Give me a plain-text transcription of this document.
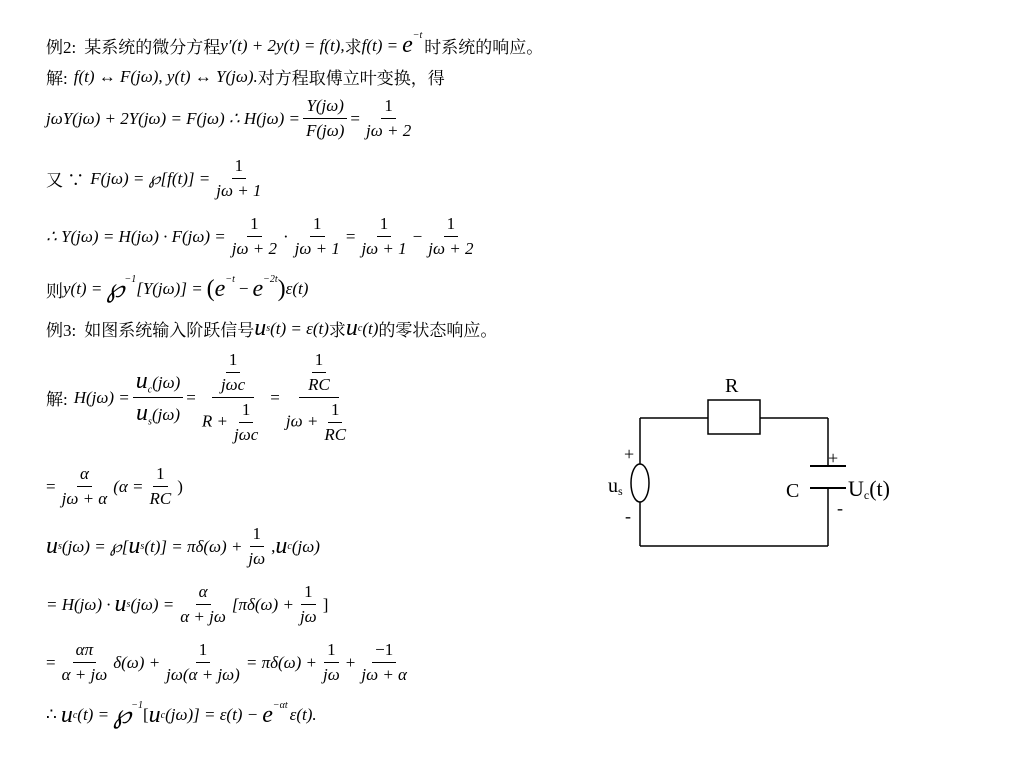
例2: 某系统的微分方程 y′(t) + 2y(t) = f(t), 求 f(t) = e −t
时系统的响应。
解: f(t) ↔ F(jω), y(t) ↔ Y(jω). 对方程取傅立叶变换，得
jωY(jω) + 2Y(jω) = F(jω) ∴ $H(j\omega) = \frac{Y(j\omega)}{F(j\omega)} = \frac{1}{j\omega + 2}$
又 ∵ F(jω) = ℘[f(t)] = $\frac{1}{j\omega + 1}$
∴ $Y(j\omega) = H(j\omega) \cdot F(j\omega) = \frac{1}{j\omega + 2} \cdot \frac{1}{j\omega + 1} = \frac{1}{j\omega + 1} - \frac{1}{j\omega + 2}$
则 y(t) = ℘ −1 [Y(jω)] = ( e −t − e −2t ) ε(t)
例3: 如图系统输入阶跃信号 u s (t) = ε(t) 求 u c (t) 的零状态响应。
解: $H(j\omega) = \frac{u_c(j\omega)}{u_s(j\omega)} = \frac{\frac{1}{\text{jωc}}}{R + \frac{1}{\text{jωc}}} = \frac{\frac{1}{RC}}{j\omega + \frac{1}{RC}}$
= $\frac{\alpha}{j\omega + \alpha} (\alpha = \frac{1}{RC}$ )
u s (jω) = ℘[ u s $(t)] = \pi\delta(\omega) + \frac{1}{j\omega}$ , u c (jω)
= H(jω) · u s $(j\omega) = \frac{\alpha}{\alpha + j\omega} [\pi\delta(\omega) + \frac{1}{j\omega}$ ]
= $\frac{\alpha\pi}{\alpha + j\omega} \delta(\omega) + \frac{1}{j\omega(\alpha + j\omega)} = \pi\delta(\omega) + \frac{1}{j\omega} + \frac{-1}{j\omega + \alpha}$
∴ u c (t) = ℘ −1 [ u c (jω)] = ε(t) − e −αt ε(t).
R
C
+
-
us
+
-
Uc(t)
